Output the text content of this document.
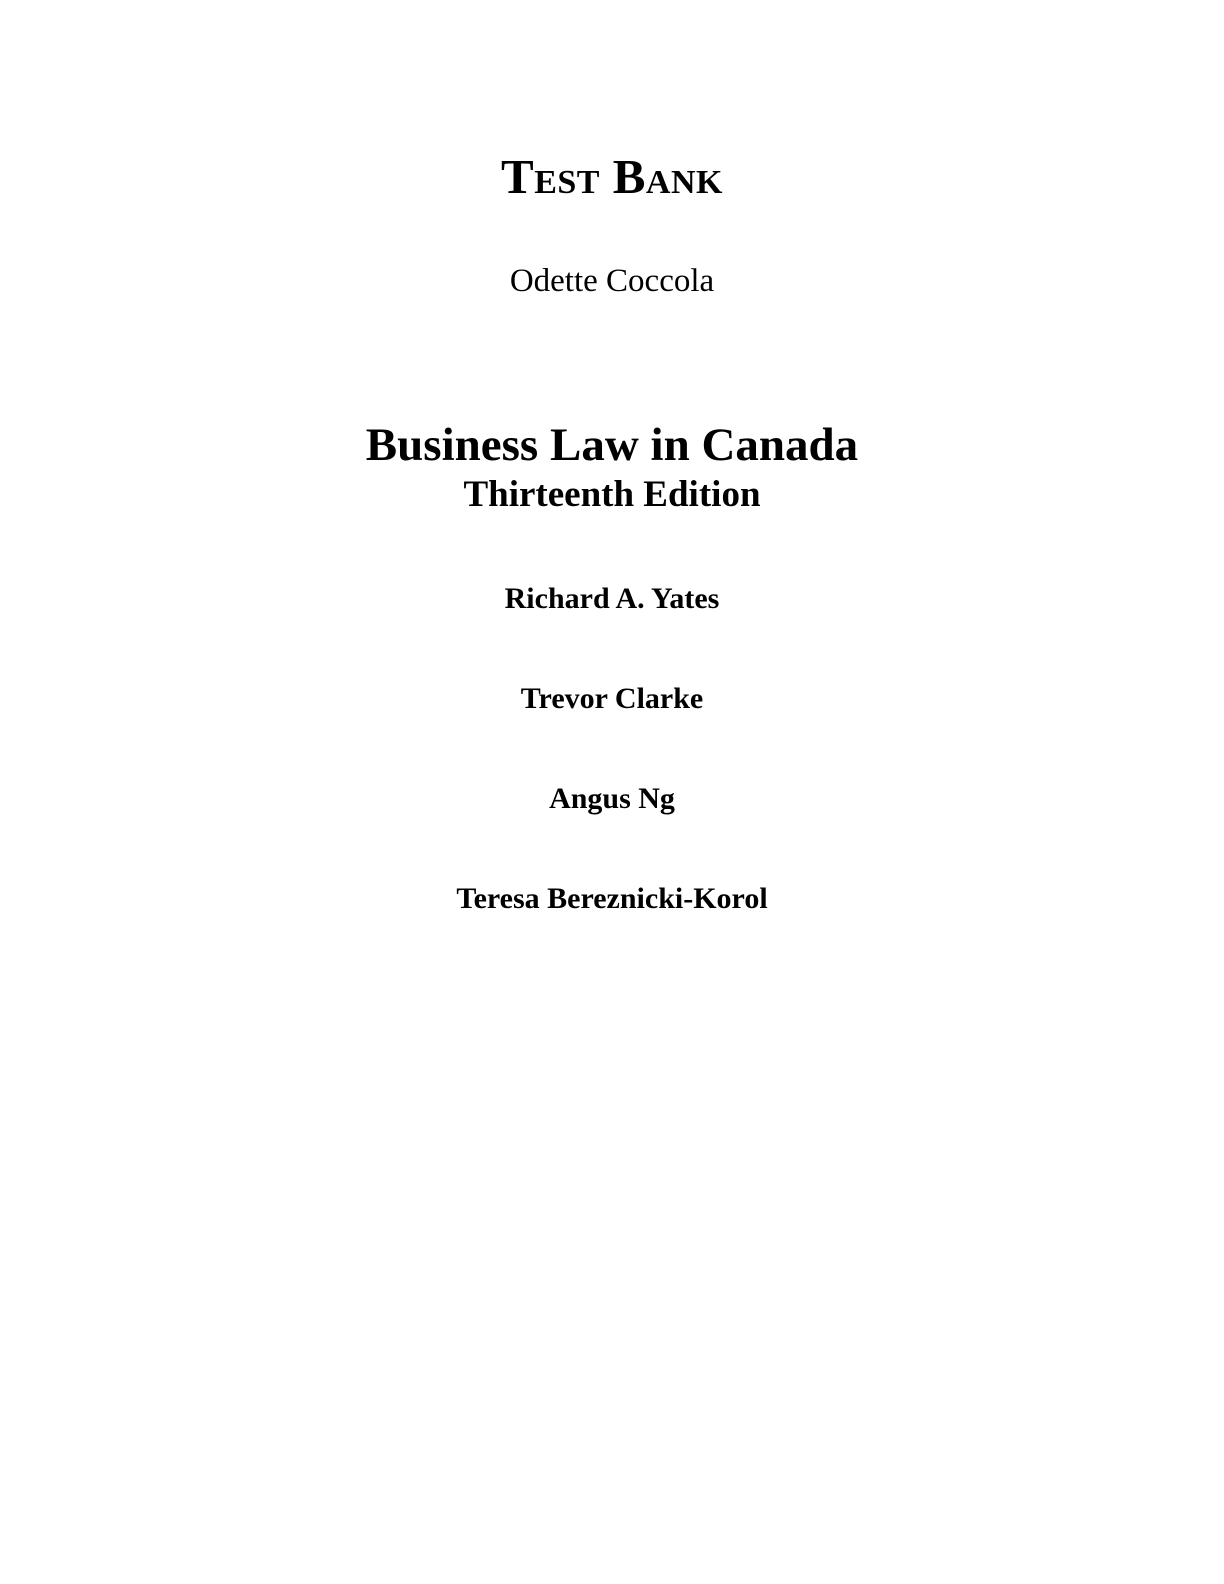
Test Bank
Odette Coccola
Business Law in Canada
Thirteenth Edition
Richard A. Yates
Trevor Clarke
Angus Ng
Teresa Bereznicki-Korol
